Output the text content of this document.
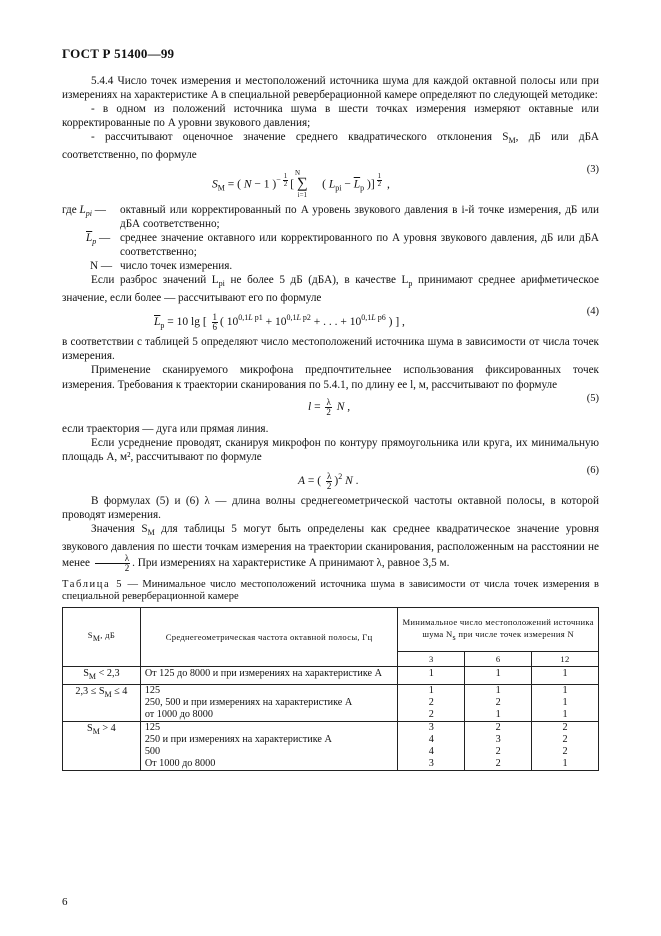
ГОСТ Р 51400—99

5.4.4 Число точек измерения и местоположений источника шума для каждой октавной полосы или при измерениях на характеристике A в специальной реверберационной камере определяют по следующей методике:

- в одном из положений источника шума в шести точках измерения измеряют октавные или корректированные по A уровни звукового давления;

- рассчитывают оценочное значение среднего квадратического отклонения $S_M$, дБ или дБА соответственно, по формуле

$S_M$ = ( N − 1 )$^{- \frac{1}{2}}$ [ $\sum_{i=1}^N$( $L_{pi} - \overline{L}_p$ )] $^{\frac{1}{2}}$ ,
(3)
где $L_{pi}$ —	октавный или корректированный по A уровень звукового давления в i-й точке измерения, дБ или дБА соответственно;
$\overline{L}_p$ — среднее значение октавного или корректированного по A уровня звукового давления, дБ или дБА соответственно;
N — число точек измерения.

Если разброс значений $L_{pi}$ не более 5 дБ (дБA), в качестве $L_p$ принимают среднее арифметическое значение, если более — рассчитывают его по формуле

$\overline{L}_p = 10$ lg [ $\frac{1}{6}$ ( $10^{0,1L p1} + 10^{0,1L p2}$ + . . . + $10^{0,1L p6}$ ) ] ,
(4)

в соответствии с таблицей 5 определяют число местоположений источника шума в зависимости от числа точек измерения.

Применение сканируемого микрофона предпочтительнее использования фиксированных точек измерения. Требования к траектории сканирования по 5.4.1, по длину ее l, м, рассчитывают по формуле

$l = \frac{\lambda}{2}$ N ,
(5)

если траектория — дуга или прямая линия.

Если усреднение проводят, сканируя микрофон по контуру прямоугольника или круга, их минимальную площадь A, м², рассчитывают по формуле

A = ( $\frac{\lambda}{2} )^2$ N .
(6)

В формулах (5) и (6) λ — длина волны среднегеометрической частоты октавной полосы, в которой проводят измерения.

Значения $S_M$ для таблицы 5 могут быть определены как среднее квадратическое значение уровня звукового давления по шести точкам измерения на траектории сканирования, расположенным на расстоянии не менее $\frac{\lambda}{2}$ . При измерениях на характеристике A принимают λ, равное 3,5 м.

Таблица 5 — Минимальное число местоположений источника шума в зависимости от числа точек измерения в специальной реверберационной камере
SM, дБ	Среднегеометрическая частота октавной полосы, Гц	Минимальное число местоположений источника шума Ns при числе точек измерения N		
		3	6	12
$S_M < 2,3$	От 125 до 8000 и при измерениях на характеристике A	1	1	1
$2,3 \le S_M \le 4$	125	1	1	1
	250, 500 и при измерениях на характеристике A	2	2	1
	от 1000 до 8000	2	1	1
$S_M > 4$	125	3	2	2
	250 и при измерениях на характеристике A	4	3	2
	500	4	2	2
	От 1000 до 8000	3	2	1
6
